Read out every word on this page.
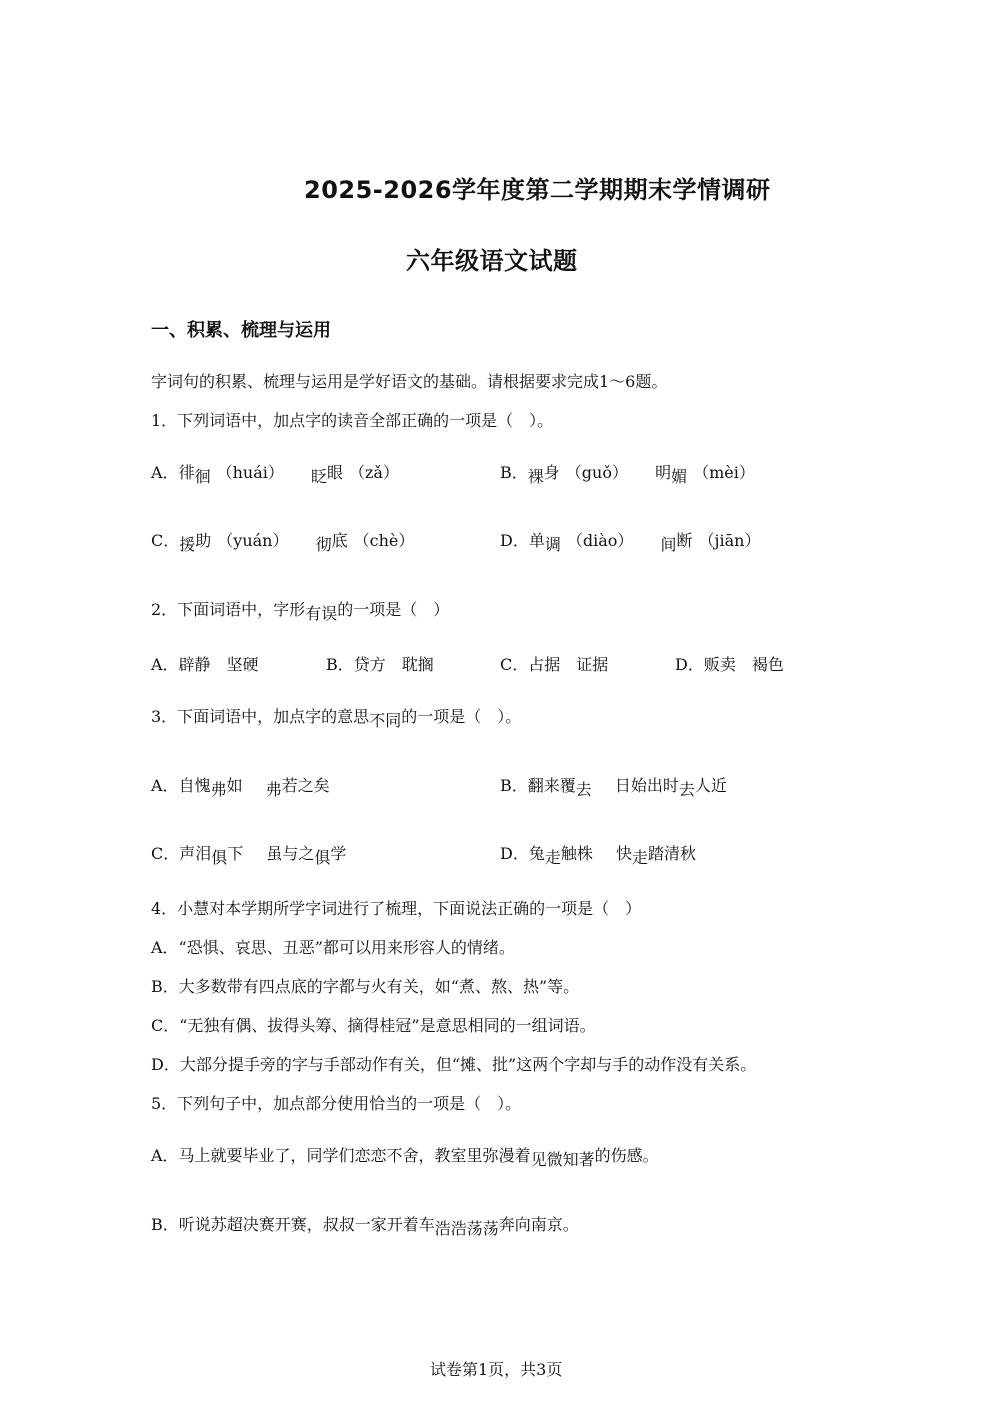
2025-2026学年度第二学期期末学情调研
六年级语文试题
一、积累、梳理与运用
字词句的积累、梳理与运用是学好语文的基础。请根据要求完成1～6题。
1．下列词语中，加点字的读音全部正确的一项是（　）。
A．徘徊 （huái） 眨眼 （zǎ）	B．裸身 （guǒ） 明媚 （mèi）
C．援助 （yuán） 彻底 （chè）	D．单调 （diào） 间断 （jiān）
2．下面词语中，字形有误的一项是（　）
A．辟静　坚硬	B．贷方　耽搁	C．占据　证据	D．贩卖　褐色
3．下面词语中，加点字的意思不同的一项是（　）。
A．自愧弗如 弗若之矣	B．翻来覆去 日始出时去人近
C．声泪俱下 虽与之俱学	D．兔走触株 快走踏清秋
4．小慧对本学期所学字词进行了梳理，下面说法正确的一项是（　）
A．“恐惧、哀思、丑恶”都可以用来形容人的情绪。
B．大多数带有四点底的字都与火有关，如“煮、熬、热”等。
C．“无独有偶、拔得头筹、摘得桂冠”是意思相同的一组词语。
D．大部分提手旁的字与手部动作有关，但“摊、批”这两个字却与手的动作没有关系。
5．下列句子中，加点部分使用恰当的一项是（　）。
A．马上就要毕业了，同学们恋恋不舍，教室里弥漫着见微知著的伤感。
B．听说苏超决赛开赛，叔叔一家开着车浩浩荡荡奔向南京。
试卷第1页，共3页
